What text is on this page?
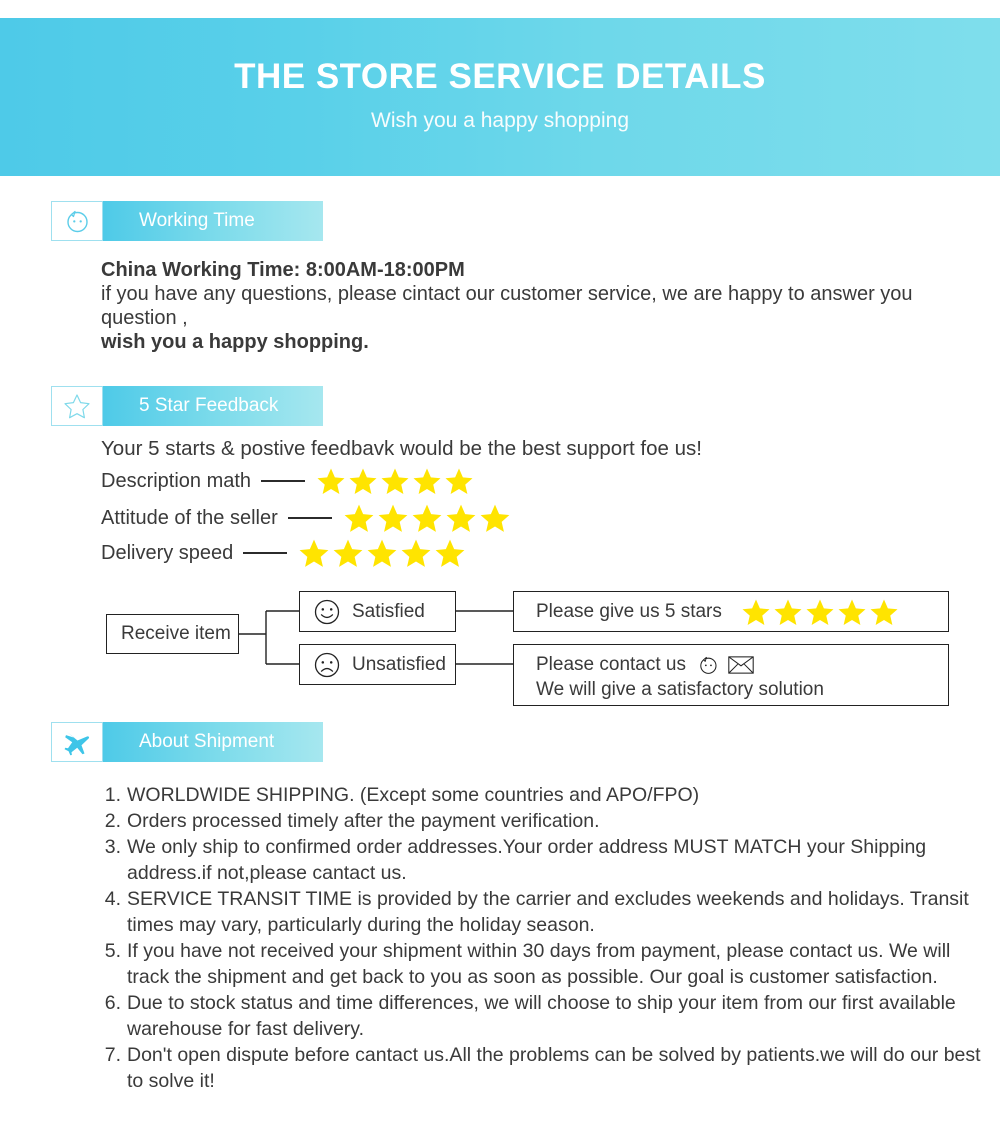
THE STORE SERVICE DETAILS
Wish you a happy shopping
Working Time
China Working Time: 8:00AM-18:00PM
if you have any questions, please cintact our customer service, we are happy to answer you question ,
wish you a happy shopping.
5 Star Feedback
Your 5 starts & postive feedbavk would be the best support foe us!
Description math
Attitude of the seller
Delivery speed
Receive item
Satisfied
Unsatisfied
Please give us 5 stars
Please contact us
We will give a satisfactory solution
About Shipment
1. WORLDWIDE SHIPPING. (Except some countries and APO/FPO)
2. Orders processed timely after the payment verification.
3. We only ship to confirmed order addresses.Your order address MUST MATCH your Shipping address.if not,please cantact us.
4. SERVICE TRANSIT TIME is provided by the carrier and excludes weekends and holidays. Transit times may vary, particularly during the holiday season.
5. If you have not received your shipment within 30 days from payment, please contact us. We will track the shipment and get back to you as soon as possible. Our goal is customer satisfaction.
6. Due to stock status and time differences, we will choose to ship your item from our first available warehouse for fast delivery.
7. Don't open dispute before cantact us.All the problems can be solved by patients.we will do our best to solve it!
